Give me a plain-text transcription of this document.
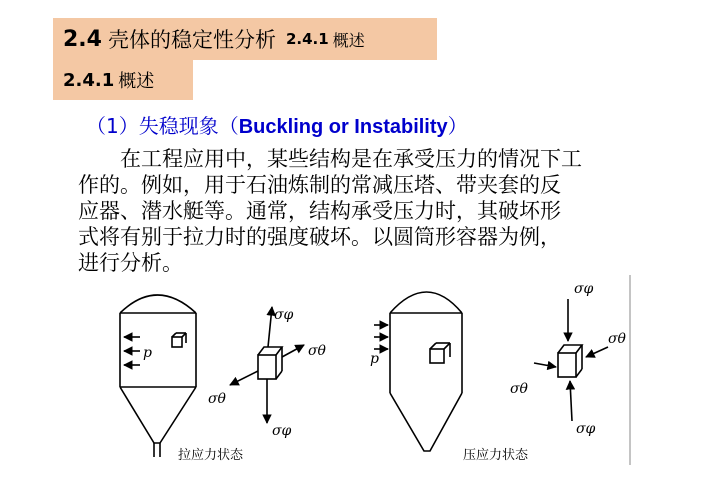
2.4 壳体的稳定性分析 2.4.1 概述
2.4.1 概述
（1）失稳现象（Buckling or Instability）
　　在工程应用中，某些结构是在承受压力的情况下工
作的。例如，用于石油炼制的常减压塔、带夹套的反
应器、潜水艇等。通常，结构承受压力时，其破坏形
式将有别于拉力时的强度破坏。以圆筒形容器为例，
进行分析。
p
σφ
σθ
σθ
σφ
p
σφ
σθ
σθ
σφ
拉应力状态	压应力状态
